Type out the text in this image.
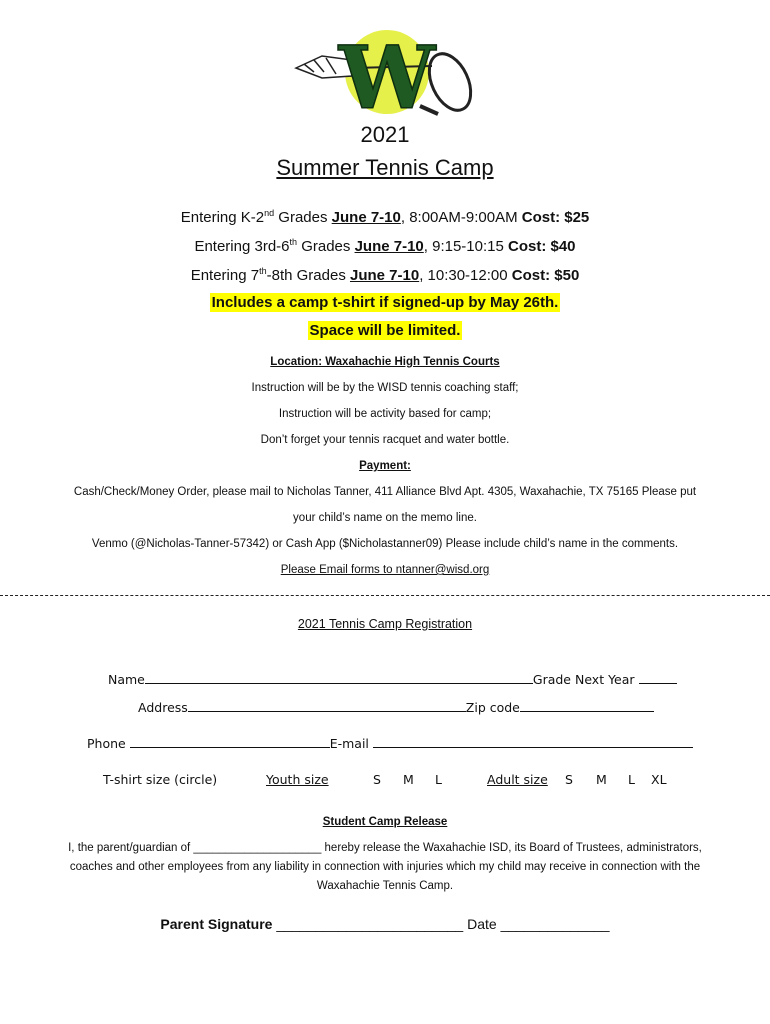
W
2021
Summer Tennis Camp
Entering K-2nd Grades June 7-10, 8:00AM-9:00AM Cost: $25
Entering 3rd-6th Grades June 7-10, 9:15-10:15 Cost: $40
Entering 7th-8th Grades June 7-10, 10:30-12:00 Cost: $50
Includes a camp t-shirt if signed-up by May 26th.
Space will be limited.
Location: Waxahachie High Tennis Courts
Instruction will be by the WISD tennis coaching staff;
Instruction will be activity based for camp;
Don’t forget your tennis racquet and water bottle.
Payment:
Cash/Check/Money Order, please mail to Nicholas Tanner, 411 Alliance Blvd Apt. 4305, Waxahachie, TX 75165 Please put
your child’s name on the memo line.
Venmo (@Nicholas-Tanner-57342) or Cash App ($Nicholastanner09) Please include child’s name in the comments.
Please Email forms to ntanner@wisd.org
2021 Tennis Camp Registration
Name	Grade Next Year
Address	Zip code
Phone	E-mail
T-shirt size (circle)	Youth size	S M L	Adult size S M L XL
Student Camp Release
I, the parent/guardian of ____________________ hereby release the Waxahachie ISD, its Board of Trustees, administrators,
coaches and other employees from any liability in connection with injuries which my child may receive in connection with the
Waxahachie Tennis Camp.
Parent Signature ________________________ Date ______________
